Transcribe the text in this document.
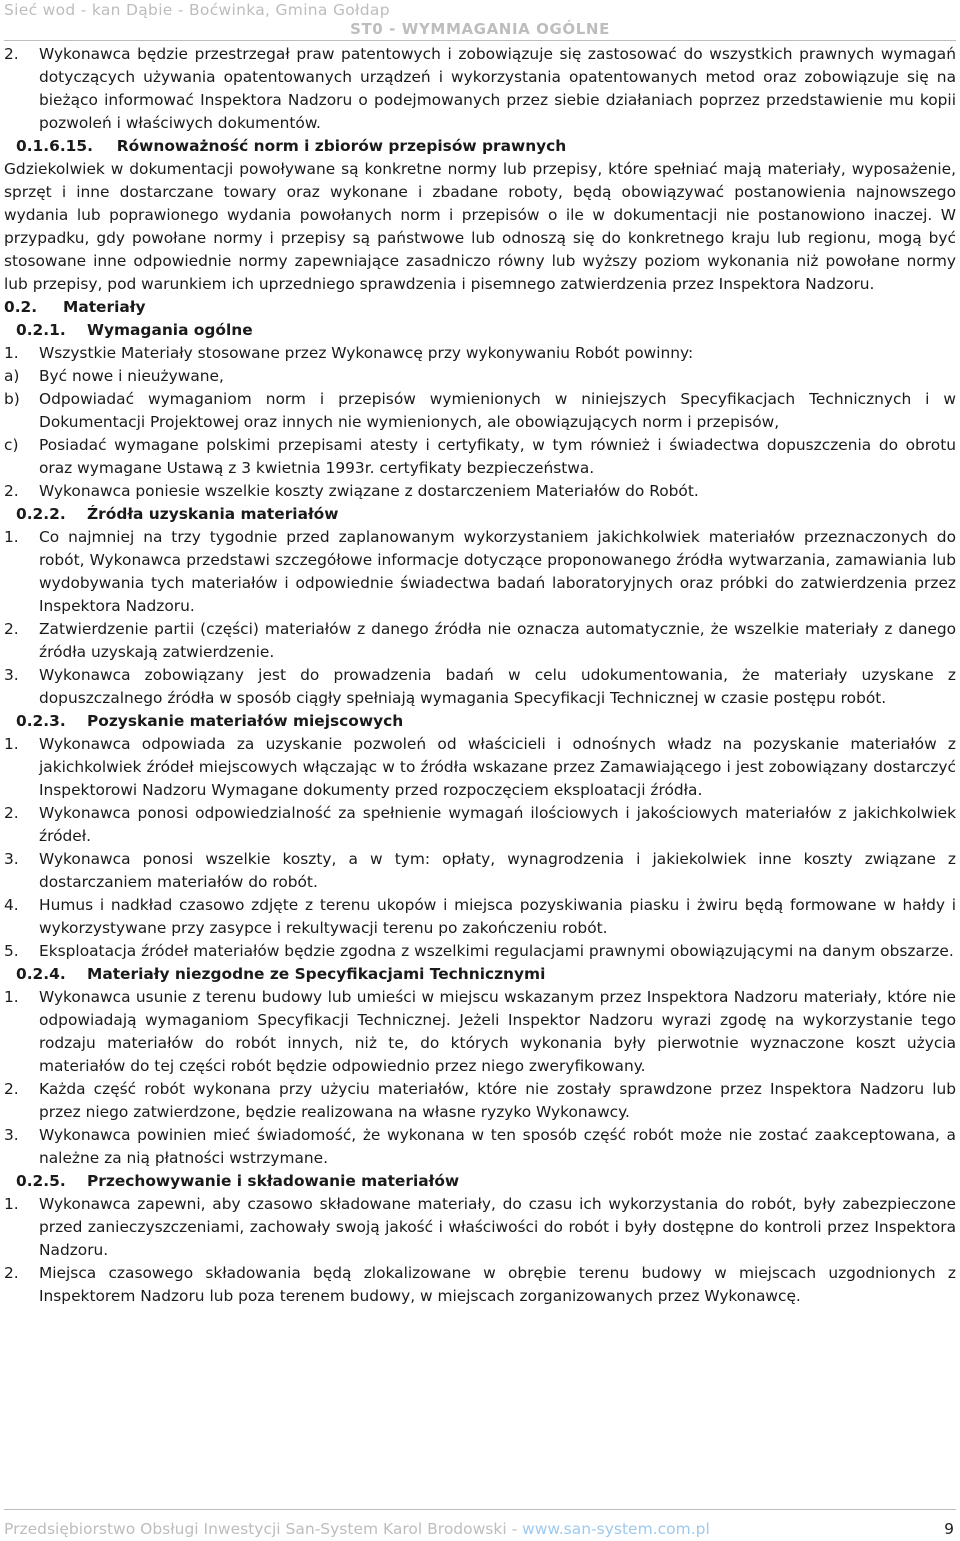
Sieć wod - kan Dąbie - Boćwinka, Gmina Gołdap
ST0 - WYMMAGANIA OGÓLNE
2.	Wykonawca będzie przestrzegał praw patentowych i zobowiązuje się zastosować do wszystkich prawnych wymagań dotyczących używania opatentowanych urządzeń i wykorzystania opatentowanych metod oraz zobowiązuje się na bieżąco informować Inspektora Nadzoru o podejmowanych przez siebie działaniach poprzez przedstawienie mu kopii pozwoleń i właściwych dokumentów.
0.1.6.15. Równoważność norm i zbiorów przepisów prawnych

Gdziekolwiek w dokumentacji powoływane są konkretne normy lub przepisy, które spełniać mają materiały, wyposażenie, sprzęt i inne dostarczane towary oraz wykonane i zbadane roboty, będą obowiązywać postanowienia najnowszego wydania lub poprawionego wydania powołanych norm i przepisów o ile w dokumentacji nie postanowiono inaczej. W przypadku, gdy powołane normy i przepisy są państwowe lub odnoszą się do konkretnego kraju lub regionu, mogą być stosowane inne odpowiednie normy zapewniające zasadniczo równy lub wyższy poziom wykonania niż powołane normy lub przepisy, pod warunkiem ich uprzedniego sprawdzenia i pisemnego zatwierdzenia przez Inspektora Nadzoru.

0.2. Materiały
0.2.1. Wymagania ogólne
1.	Wszystkie Materiały stosowane przez Wykonawcę przy wykonywaniu Robót powinny:
a)	Być nowe i nieużywane,
b)	Odpowiadać wymaganiom norm i przepisów wymienionych w niniejszych Specyfikacjach Technicznych i w Dokumentacji Projektowej oraz innych nie wymienionych, ale obowiązujących norm i przepisów,
c)	Posiadać wymagane polskimi przepisami atesty i certyfikaty, w tym również i świadectwa dopuszczenia do obrotu oraz wymagane Ustawą z 3 kwietnia 1993r. certyfikaty bezpieczeństwa.
2.	Wykonawca poniesie wszelkie koszty związane z dostarczeniem Materiałów do Robót.
0.2.2. Źródła uzyskania materiałów
1.	Co najmniej na trzy tygodnie przed zaplanowanym wykorzystaniem jakichkolwiek materiałów przeznaczonych do robót, Wykonawca przedstawi szczegółowe informacje dotyczące proponowanego źródła wytwarzania, zamawiania lub wydobywania tych materiałów i odpowiednie świadectwa badań laboratoryjnych oraz próbki do zatwierdzenia przez Inspektora Nadzoru.
2.	Zatwierdzenie partii (części) materiałów z danego źródła nie oznacza automatycznie, że wszelkie materiały z danego źródła uzyskają zatwierdzenie.
3.	Wykonawca zobowiązany jest do prowadzenia badań w celu udokumentowania, że materiały uzyskane z dopuszczalnego źródła w sposób ciągły spełniają wymagania Specyfikacji Technicznej w czasie postępu robót.
0.2.3. Pozyskanie materiałów miejscowych
1.	Wykonawca odpowiada za uzyskanie pozwoleń od właścicieli i odnośnych władz na pozyskanie materiałów z jakichkolwiek źródeł miejscowych włączając w to źródła wskazane przez Zamawiającego i jest zobowiązany dostarczyć Inspektorowi Nadzoru Wymagane dokumenty przed rozpoczęciem eksploatacji źródła.
2.	Wykonawca ponosi odpowiedzialność za spełnienie wymagań ilościowych i jakościowych materiałów z jakichkolwiek źródeł.
3.	Wykonawca ponosi wszelkie koszty, a w tym: opłaty, wynagrodzenia i jakiekolwiek inne koszty związane z dostarczaniem materiałów do robót.
4.	Humus i nadkład czasowo zdjęte z terenu ukopów i miejsca pozyskiwania piasku i żwiru będą formowane w hałdy i wykorzystywane przy zasypce i rekultywacji terenu po zakończeniu robót.
5.	Eksploatacja źródeł materiałów będzie zgodna z wszelkimi regulacjami prawnymi obowiązującymi na danym obszarze.
0.2.4. Materiały niezgodne ze Specyfikacjami Technicznymi
1.	Wykonawca usunie z terenu budowy lub umieści w miejscu wskazanym przez Inspektora Nadzoru materiały, które nie odpowiadają wymaganiom Specyfikacji Technicznej. Jeżeli Inspektor Nadzoru wyrazi zgodę na wykorzystanie tego rodzaju materiałów do robót innych, niż te, do których wykonania były pierwotnie wyznaczone koszt użycia materiałów do tej części robót będzie odpowiednio przez niego zweryfikowany.
2.	Każda część robót wykonana przy użyciu materiałów, które nie zostały sprawdzone przez Inspektora Nadzoru lub przez niego zatwierdzone, będzie realizowana na własne ryzyko Wykonawcy.
3.	Wykonawca powinien mieć świadomość, że wykonana w ten sposób część robót może nie zostać zaakceptowana, a należne za nią płatności wstrzymane.
0.2.5. Przechowywanie i składowanie materiałów
1.	Wykonawca zapewni, aby czasowo składowane materiały, do czasu ich wykorzystania do robót, były zabezpieczone przed zanieczyszczeniami, zachowały swoją jakość i właściwości do robót i były dostępne do kontroli przez Inspektora Nadzoru.
2.	Miejsca czasowego składowania będą zlokalizowane w obrębie terenu budowy w miejscach uzgodnionych z Inspektorem Nadzoru lub poza terenem budowy, w miejscach zorganizowanych przez Wykonawcę.
Przedsiębiorstwo Obsługi Inwestycji San-System Karol Brodowski - www.san-system.com.pl	9
